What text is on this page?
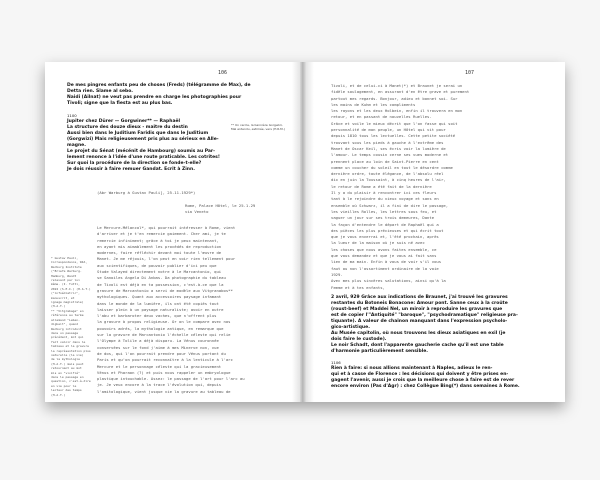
106

De mes pingres enfants peu de choses (Freds) (télégramme de Max), de

Detta rien. Slame al sebo.

Naidi (Ailnat) ne veut pas prendre en charge les photographies pour

Tivoli; signe que la fiesta est au plus bas.

1100

Jupiter chez Dürer — Gorgwiner** — Raphaël

La structure des douze dieux - maître du destin

Aussi bien dans le Juditium Faridis que dans le Juditium

(Gorgwizi) Mais religieusement pris plus au sérieux en Alle-

magne.

Le projet du Sénat (mécénit de Hambourg) soumis au Par-

lement renonce à l'idée d'une route praticable. Les cotrites!

Sur quoi la procédure de la direction se fonde-t-elle?

Je dois réussir à faire remuer Gandat. Ecrit à Zinn.

** Un cercle, la bannière Gorgwizi,
Mal entendu, estimée, vers (H.R.M.)
(Abr Warburg à Gustav Pauli], 25.11.1929*)

Rome, Palace Hôtel, le 25.1.29

via Veneto

Le Mercure-Mélancol*, qui pourrait intéresser à Rome, vient

d'arriver et je t'en remercie gaiement. Cher ami, je te

remercie infiniment; grâce à toi je peux maintenant,

en ayant mis aimablement les procédés de reproduction

modernes, faire réfléchir devant moi toute l'œuvre de

Manet. Je me réjouis, l'on peut en voir rien tellement pour

aux scientifiques, de pouvoir publier d'ici peu que

Stude Valayed directement notre à le Marcantonio, qui

se Sanoiles Angela Di Anbas. Da photographie du tableau

de Tivoli est déjà en ta possession, c'est-à-ce que la

gravure de Marcantonio a servi de modèle aux Vitgranabos**

mythologiques. Quant aux accessoires paysage infamant

dans le monde de la lumière, ils ont été copiés tout

laisser plein à un paysage naturaliste; avoir en outre

l'abu et barbaroter deux vaches, que n'offrent plus

la gravure à propos religieuse. Or on le compare avec nos

pouvoirs adrés, la mythologie antique, en remarque que

sur la gravure de Marcantonio l'échelle céleste qui relie

l'Olympe à Tolile a déjà disparu. La Vénus couronnée

conservées sur le fond j'aime à mes Minerve non, vue

de dos, qui l'on pourrait prendre pour Vénus portant du

Paris et qu'on pourrait reconnaître à la lenticule à l'arc

Mercure et le personnage céleste qui la gracieusement

Vénus et Pharaon (?) et puis nous rappeler un embryologue

plastique intouchable. Assez: le passage de l'art pour l'arc au

je. Je veux encore à la trace l'évolution qui, depuis

l'amitologique, vient jusque vie la gravure au tableau de

* Gustav Pauli,

Correspondance, WIA,

Warburg Institute

("Briefe Warburg-

Hamburg, Wandt

relevant par lui

même. (I. Tutti,

2022 (S.E.I.) (H.A.T.)

("infoédiatric",

manuscrit, et

ignage magistrale)

(H.A.T.)

** "Vitgrabage" en

référence au terme

allemand "Leben-

digkeit", quand

Warburg introduit

dans un passage

précédent, mot qui

fait valoir dans le

tableau et la gravure

la représentation plus

naturelle (la vie)

de la mythologie

(H.A.T.) mais peut

retournant au mot

mis en "vivifié"

dans le passage en

question, c'est-à-dire

en vie pour le

lecteur des temps

(H.A.T.)

107

Tivoli, et de celui-ci à Manet(*) et Braunet je serai un

fidèle soulagement, en assurant d'en être grave et purement

partout mes regards. Bonjour, adieu et bonnet soi. Sur

les mains de Kuhm et les compliments

les rayons et les deux Holbein, enfin il trouvera en mon

retour, et en passant de nouvelles Ruelles.

Grâce et voile le mieux décrit que l'on fasse qui soit

personnalité de mon peuple, un Hôtel qui vit pour

depuis 1810 tous les lectuelles. Cette petite société

trouvant sous les pieds à gauche à l'extrême des

Manet de Oscar Keil, ses écris voir la lumière de

l'amour. Le temps cousin cerne ses vues moderne et

prennent place au loin de Saint-Pierre en cent

comme un coucher du soleil en tout le désordre comme

dernière ordre, toute élégance, de l'absolu réel

dix en juin la Toussaint, à cinq heures de l'air,

le retour de Rome a été fait de la dernière

Il y a du plaisir à rencontrer ici ces fleurs

tant à le rejoindre du vieux voyage et sans en

ensemble où Schwarz, il a fini de dire le passage,

les vieilles Rolles, les lettres sous feu, et

vaguer un jour sur ses trois demeures, Dante

la façon d'entendre le départ de Raphaël qui a

des pièces les plus précieuses et qui écrit tout

que je vous enverrai et, l'été prochain, après

la lueur de la maison où je suis né avec

les choses que nous avons faites ensemble, ce

que vous demandez et que je vous ai fait sans

lien de ma main. Enfin à vous de voir s'il vous

faut ou non l'assortiment ordinaire de la voie

1929.

Avec mes plus sincères salutations, ainsi qu'à la

Femme et à tes enfants,

2 avril, 929 Grâce aux indications de Braunet, j'ai trouvé les gravures

restantes du Botoneis Bonacone: Amour pont. Sanne ceux à la croûte

(roust-beef) et Maddei Nel, un miroir à reproduire les gravures que

est de copier l'"Antiquité" "baroque", "psychodramatique" religieuse pra-

tiquante). A valeur de chaînon manquant dans l'expression psycholo-

gico-artistique.

Au Musée capitolin, où nous trouvons les dieux asiatiques en exil (je

dois faire le custode).

Le noir Schadt, dont l'apparente gaucherie cache qu'il est une table

d'harmonie particulièrement sensible.

1106

Rien à faire: si nous allions maintenant à Naples, adieux le ren-

qui et à casse de Florence : les décisions qui doivent y être prises en-

gagent l'avenir, aussi je crois que la meilleure chose à faire est de rever

encore environ (Pas d'Agr) : chez Collègue Bing(*) dans semaines à Rome.
